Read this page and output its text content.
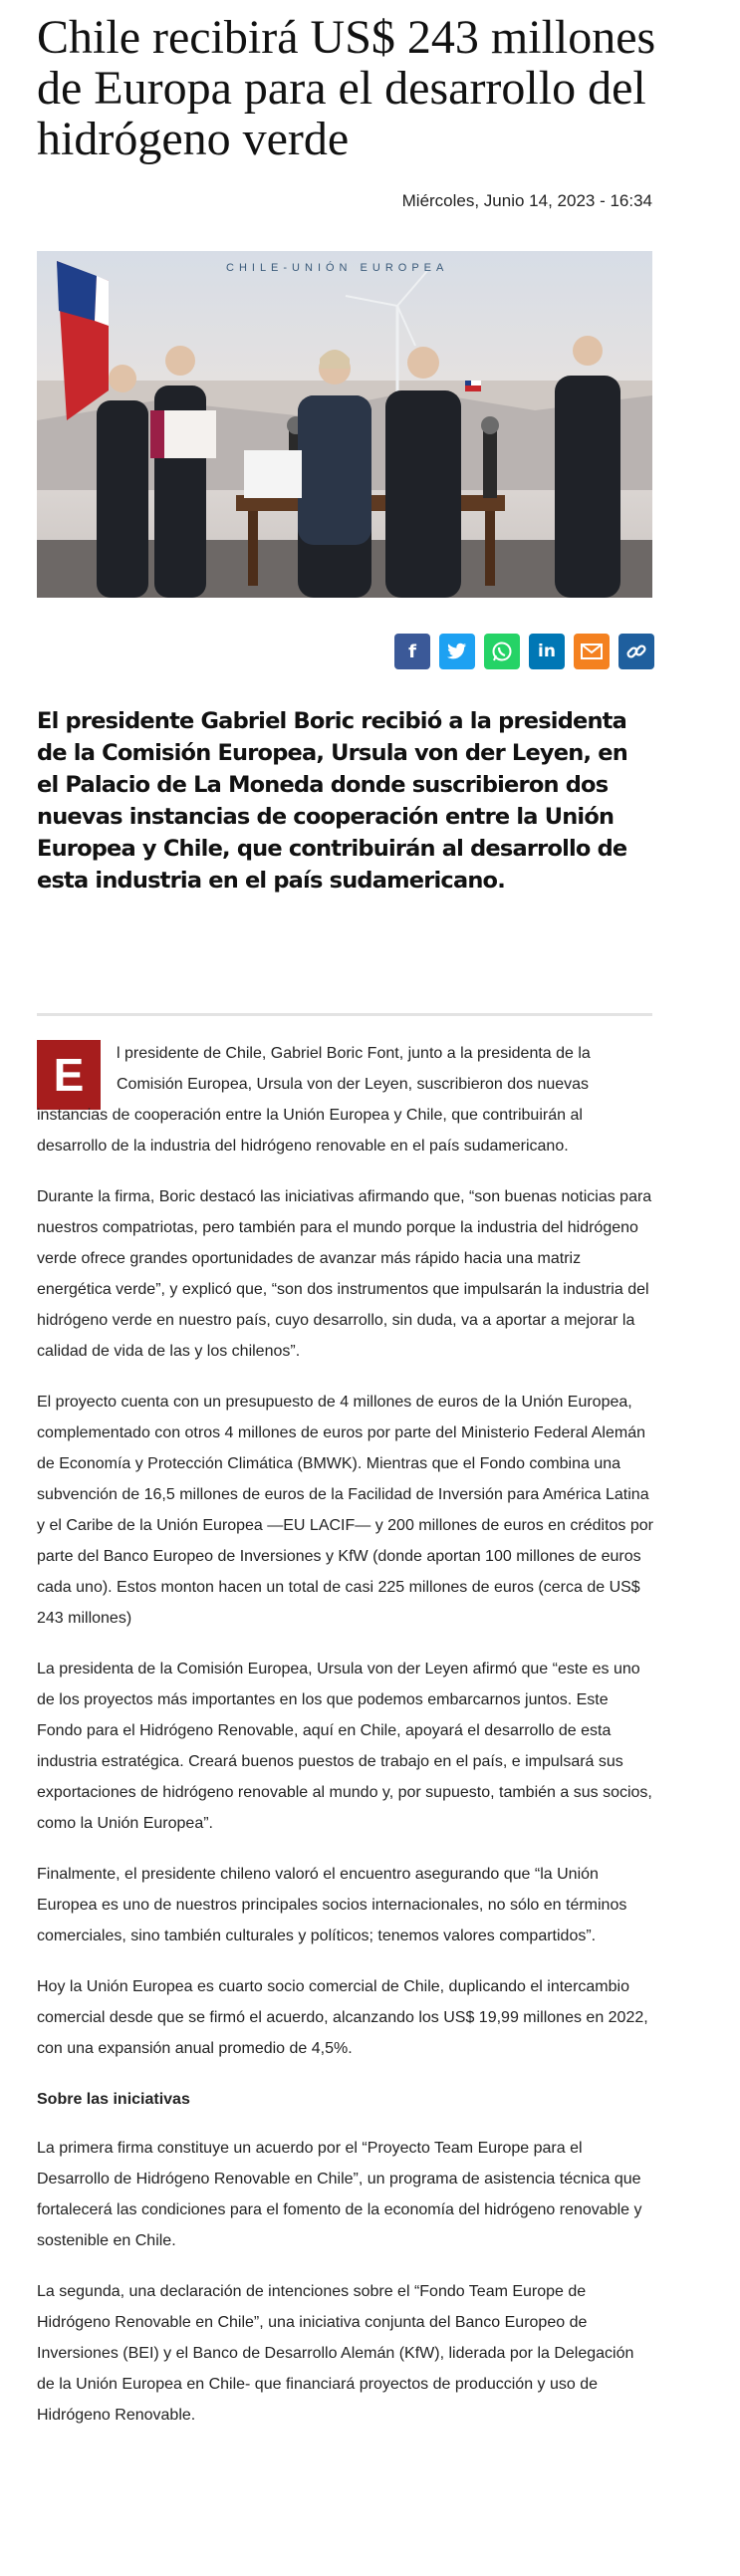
Chile recibirá US$ 243 millones de Europa para el desarrollo del hidrógeno verde
Miércoles, Junio 14, 2023 - 16:34
CHILE-UNIÓN EUROPEA
f	in

El presidente Gabriel Boric recibió a la presidenta de la Comisión Europea, Ursula von der Leyen, en el Palacio de La Moneda donde suscribieron dos nuevas instancias de cooperación entre la Unión Europea y Chile, que contribuirán al desarrollo de esta industria en el país sudamericano.

E	l presidente de Chile, Gabriel Boric Font, junto a la presidenta de la Comisión Europea, Ursula von der Leyen, suscribieron dos nuevas instancias de cooperación entre la Unión Europea y Chile, que contribuirán al desarrollo de la industria del hidrógeno renovable en el país sudamericano.

Durante la firma, Boric destacó las iniciativas afirmando que, “son buenas noticias para nuestros compatriotas, pero también para el mundo porque la industria del hidrógeno verde ofrece grandes oportunidades de avanzar más rápido hacia una matriz energética verde”, y explicó que, “son dos instrumentos que impulsarán la industria del hidrógeno verde en nuestro país, cuyo desarrollo, sin duda, va a aportar a mejorar la calidad de vida de las y los chilenos”.

El proyecto cuenta con un presupuesto de 4 millones de euros de la Unión Europea, complementado con otros 4 millones de euros por parte del Ministerio Federal Alemán de Economía y Protección Climática (BMWK). Mientras que el Fondo combina una subvención de 16,5 millones de euros de la Facilidad de Inversión para América Latina y el Caribe de la Unión Europea —EU LACIF— y 200 millones de euros en créditos por parte del Banco Europeo de Inversiones y KfW (donde aportan 100 millones de euros cada uno). Estos monton hacen un total de casi 225 millones de euros (cerca de US$ 243 millones)

La presidenta de la Comisión Europea, Ursula von der Leyen afirmó que “este es uno de los proyectos más importantes en los que podemos embarcarnos juntos. Este Fondo para el Hidrógeno Renovable, aquí en Chile, apoyará el desarrollo de esta industria estratégica. Creará buenos puestos de trabajo en el país, e impulsará sus exportaciones de hidrógeno renovable al mundo y, por supuesto, también a sus socios, como la Unión Europea”.

Finalmente, el presidente chileno valoró el encuentro asegurando que “la Unión Europea es uno de nuestros principales socios internacionales, no sólo en términos comerciales, sino también culturales y políticos; tenemos valores compartidos”.

Hoy la Unión Europea es cuarto socio comercial de Chile, duplicando el intercambio comercial desde que se firmó el acuerdo, alcanzando los US$ 19,99 millones en 2022, con una expansión anual promedio de 4,5%.

Sobre las iniciativas

La primera firma constituye un acuerdo por el “Proyecto Team Europe para el Desarrollo de Hidrógeno Renovable en Chile”, un programa de asistencia técnica que fortalecerá las condiciones para el fomento de la economía del hidrógeno renovable y sostenible en Chile.

La segunda, una declaración de intenciones sobre el “Fondo Team Europe de Hidrógeno Renovable en Chile”, una iniciativa conjunta del Banco Europeo de Inversiones (BEI) y el Banco de Desarrollo Alemán (KfW), liderada por la Delegación de la Unión Europea en Chile- que financiará proyectos de producción y uso de Hidrógeno Renovable.
